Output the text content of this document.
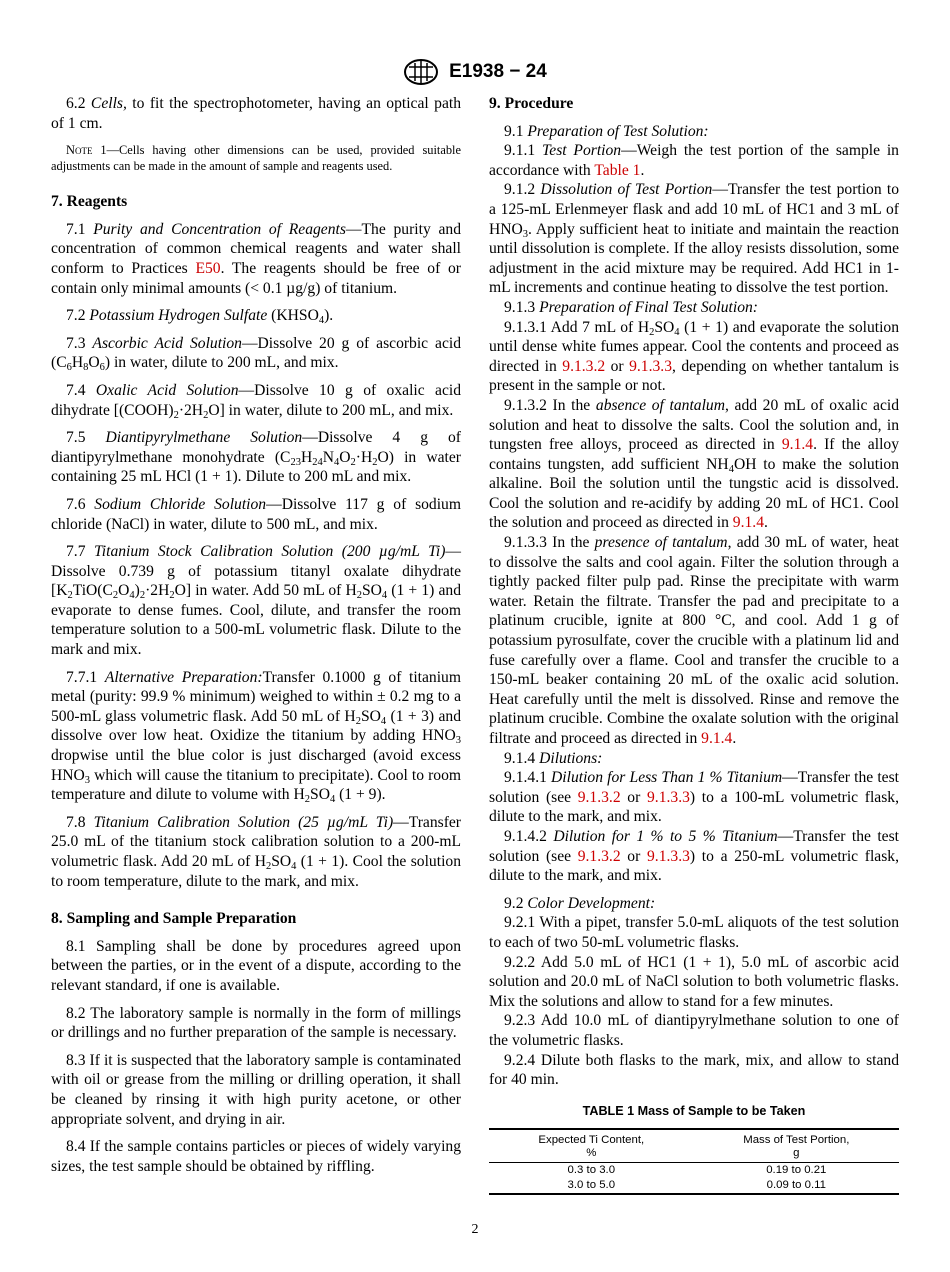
E1938 − 24

6.2 Cells, to fit the spectrophotometer, having an optical path of 1 cm.

Note 1—Cells having other dimensions can be used, provided suitable adjustments can be made in the amount of sample and reagents used.

7. Reagents

7.1 Purity and Concentration of Reagents—The purity and concentration of common chemical reagents and water shall conform to Practices E50. The reagents should be free of or contain only minimal amounts (< 0.1 µg/g) of titanium.

7.2 Potassium Hydrogen Sulfate $(KHSO_4)$.

7.3 Ascorbic Acid Solution—Dissolve 20 g of ascorbic acid $(C_6H_8O_6)$ in water, dilute to 200 mL, and mix.

7.4 Oxalic Acid Solution—Dissolve 10 g of oxalic acid dihydrate $[(COOH)_2\cdot 2H_2O]$ in water, dilute to 200 mL, and mix.

7.5 Diantipyrylmethane Solution—Dissolve 4 g of diantipyrylmethane monohydrate $(C_{23}H_{24}N_4O_2\cdot H_2O)$ in water containing 25 mL HCl (1 + 1). Dilute to 200 mL and mix.

7.6 Sodium Chloride Solution—Dissolve 117 g of sodium chloride (NaCl) in water, dilute to 500 mL, and mix.

7.7 Titanium Stock Calibration Solution (200 µg/mL Ti)—Dissolve 0.739 g of potassium titanyl oxalate dihydrate $[K_2TiO(C_2O_4)_2\cdot 2H_2O]$ in water. Add 50 mL of $H_2SO_4$ (1 + 1) and evaporate to dense fumes. Cool, dilute, and transfer the room temperature solution to a 500-mL volumetric flask. Dilute to the mark and mix.

7.7.1 Alternative Preparation:Transfer 0.1000 g of titanium metal (purity: 99.9 % minimum) weighed to within ± 0.2 mg to a 500-mL glass volumetric flask. Add 50 mL of $H_2SO_4$ (1 + 3) and dissolve over low heat. Oxidize the titanium by adding $HNO_3$ dropwise until the blue color is just discharged (avoid excess $HNO_3$ which will cause the titanium to precipitate). Cool to room temperature and dilute to volume with $H_2SO_4$ (1 + 9).

7.8 Titanium Calibration Solution (25 µg/mL Ti)—Transfer 25.0 mL of the titanium stock calibration solution to a 200-mL volumetric flask. Add 20 mL of $H_2SO_4$ (1 + 1). Cool the solution to room temperature, dilute to the mark, and mix.

8. Sampling and Sample Preparation

8.1 Sampling shall be done by procedures agreed upon between the parties, or in the event of a dispute, according to the relevant standard, if one is available.

8.2 The laboratory sample is normally in the form of millings or drillings and no further preparation of the sample is necessary.

8.3 If it is suspected that the laboratory sample is contaminated with oil or grease from the milling or drilling operation, it shall be cleaned by rinsing it with high purity acetone, or other appropriate solvent, and drying in air.

8.4 If the sample contains particles or pieces of widely varying sizes, the test sample should be obtained by riffling.

9. Procedure

9.1 Preparation of Test Solution:

9.1.1 Test Portion—Weigh the test portion of the sample in accordance with Table 1.

9.1.2 Dissolution of Test Portion—Transfer the test portion to a 125-mL Erlenmeyer flask and add 10 mL of HC1 and 3 mL of $HNO_3$. Apply sufficient heat to initiate and maintain the reaction until dissolution is complete. If the alloy resists dissolution, some adjustment in the acid mixture may be required. Add HC1 in 1-mL increments and continue heating to dissolve the test portion.

9.1.3 Preparation of Final Test Solution:

9.1.3.1 Add 7 mL of $H_2SO_4$ (1 + 1) and evaporate the solution until dense white fumes appear. Cool the contents and proceed as directed in 9.1.3.2 or 9.1.3.3, depending on whether tantalum is present in the sample or not.

9.1.3.2 In the absence of tantalum, add 20 mL of oxalic acid solution and heat to dissolve the salts. Cool the solution and, in tungsten free alloys, proceed as directed in 9.1.4. If the alloy contains tungsten, add sufficient $NH_4OH$ to make the solution alkaline. Boil the solution until the tungstic acid is dissolved. Cool the solution and re-acidify by adding 20 mL of HC1. Cool the solution and proceed as directed in 9.1.4.

9.1.3.3 In the presence of tantalum, add 30 mL of water, heat to dissolve the salts and cool again. Filter the solution through a tightly packed filter pulp pad. Rinse the precipitate with warm water. Retain the filtrate. Transfer the pad and precipitate to a platinum crucible, ignite at 800 °C, and cool. Add 1 g of potassium pyrosulfate, cover the crucible with a platinum lid and fuse carefully over a flame. Cool and transfer the crucible to a 150-mL beaker containing 20 mL of the oxalic acid solution. Heat carefully until the melt is dissolved. Rinse and remove the platinum crucible. Combine the oxalate solution with the original filtrate and proceed as directed in 9.1.4.

9.1.4 Dilutions:

9.1.4.1 Dilution for Less Than 1 % Titanium—Transfer the test solution (see 9.1.3.2 or 9.1.3.3) to a 100-mL volumetric flask, dilute to the mark, and mix.

9.1.4.2 Dilution for 1 % to 5 % Titanium—Transfer the test solution (see 9.1.3.2 or 9.1.3.3) to a 250-mL volumetric flask, dilute to the mark, and mix.

9.2 Color Development:

9.2.1 With a pipet, transfer 5.0-mL aliquots of the test solution to each of two 50-mL volumetric flasks.

9.2.2 Add 5.0 mL of HC1 (1 + 1), 5.0 mL of ascorbic acid solution and 20.0 mL of NaCl solution to both volumetric flasks. Mix the solutions and allow to stand for a few minutes.

9.2.3 Add 10.0 mL of diantipyrylmethane solution to one of the volumetric flasks.

9.2.4 Dilute both flasks to the mark, mix, and allow to stand for 40 min.

TABLE 1 Mass of Sample to be Taken
Expected Ti Content,
%	Mass of Test Portion,
g
0.3 to 3.0	0.19 to 0.21
3.0 to 5.0	0.09 to 0.11
2
